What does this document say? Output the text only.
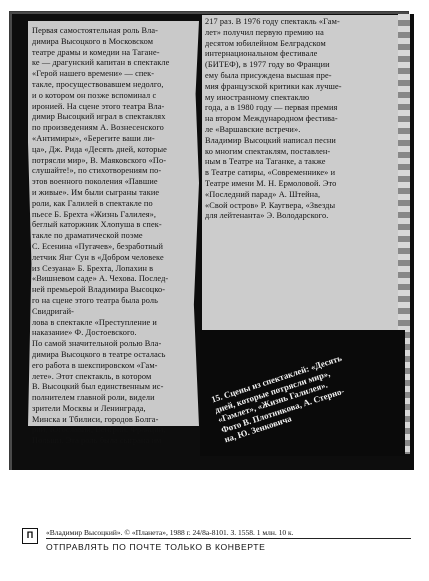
Первая самостоятельная роль Вла-
димира Высоцкого в Московском
театре драмы и комедии на Тагане-
ке — драгунский капитан в спектакле
«Герой нашего времени» — спек-
такле, просуществовавшем недолго,
и о котором он позже вспоминал с
иронией. На сцене этого театра Вла-
димир Высоцкий играл в спектаклях
по произведениям А. Вознесенского
«Антимиры», «Берегите ваши ли-
ца», Дж. Рида «Десять дней, которые
потрясли мир», В. Маяковского «По-
слушайте!», по стихотворениям по-
этов военного поколения «Павшие
и живые». Им были сыграны такие
роли, как Галилей в спектакле по
пьесе Б. Брехта «Жизнь Галилея»,
беглый каторжник Хлопуша в спек-
такле по драматической поэме
С. Есенина «Пугачев», безработный
летчик Янг Сун в «Добром человеке
из Сезуана» Б. Брехта, Лопахин в
«Вишневом саде» А. Чехова. Послед-
ней премьерой Владимира Высоцко-
го на сцене этого театра была роль Свидригай-
лова в спектакле «Преступление и
наказание» Ф. Достоевского.
По самой значительной ролью Вла-
димира Высоцкого в театре осталась
его работа в шекспировском «Гам-
лете». Этот спектакль, в котором
В. Высоцкий был единственным ис-
полнителем главной роли, видели
зрители Москвы и Ленинграда,
Минска и Тбилиси, городов Болга-
рии, Югославии, Венгрии, Франции,
Польши. Эта роль была сыграна им

217 раз. В 1976 году спектакль «Гам-
лет» получил первую премию на
десятом юбилейном Белградском
интернациональном фестивале
(БИТЕФ), в 1977 году во Франции
ему была присуждена высшая пре-
мия французской критики как лучше-
му иностранному спектаклю
года, а в 1980 году — первая премия
на втором Международном фестива-
ле «Варшавские встречи».
Владимир Высоцкий написал песни
ко многим спектаклям, поставлен-
ным в Театре на Таганке, а также
в Театре сатиры, «Современнике» и
Театре имени М. Н. Ермоловой. Это
«Последний парад» А. Штейна,
«Свой остров» Р. Каугвера, «Звезды
для лейтенанта» Э. Володарского.

15. Сцены из спектаклей: «Десять
дней, которые потрясли мир»,
«Гамлет», «Жизнь Галилея».
Фото В. Плотникова, А. Стерно-
на, Ю. Зенковича
П	«Владимир Высоцкий». © «Планета», 1988 г. 24/8а-8101. З. 1558. 1 млн. 10 к.
ОТПРАВЛЯТЬ ПО ПОЧТЕ ТОЛЬКО В КОНВЕРТЕ
